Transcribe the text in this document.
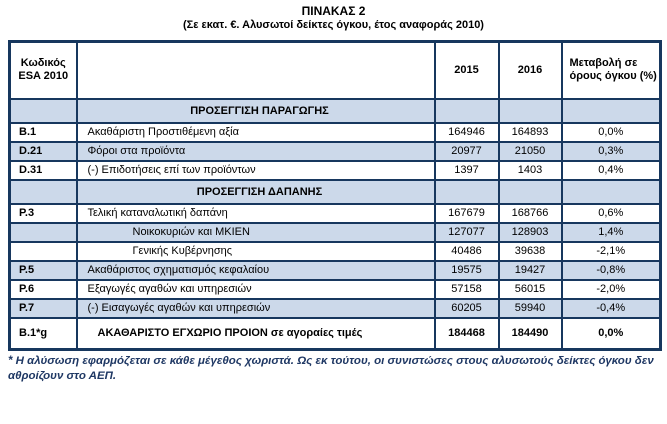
ΠΙΝΑΚΑΣ 2
(Σε εκατ. €. Αλυσωτοί δείκτες όγκου, έτος αναφοράς 2010)
Κωδικός ESA 2010		2015	2016	Μεταβολή σε όρους όγκου (%)
	ΠΡΟΣΕΓΓΙΣΗ ΠΑΡΑΓΩΓΗΣ			
B.1	Ακαθάριστη Προστιθέμενη αξία	164946	164893	0,0%
D.21	Φόροι στα προϊόντα	20977	21050	0,3%
D.31	(-) Επιδοτήσεις επί των προϊόντων	1397	1403	0,4%
	ΠΡΟΣΕΓΓΙΣΗ ΔΑΠΑΝΗΣ			
P.3	Τελική καταναλωτική δαπάνη	167679	168766	0,6%
	Νοικοκυριών και ΜΚΙΕΝ	127077	128903	1,4%
	Γενικής Κυβέρνησης	40486	39638	-2,1%
P.5	Ακαθάριστος σχηματισμός κεφαλαίου	19575	19427	-0,8%
P.6	Εξαγωγές αγαθών και υπηρεσιών	57158	56015	-2,0%
P.7	(-) Εισαγωγές αγαθών και υπηρεσιών	60205	59940	-0,4%
B.1*g	ΑΚΑΘΑΡΙΣΤΟ ΕΓΧΩΡΙΟ ΠΡΟΙΟΝ σε αγοραίες τιμές	184468	184490	0,0%
* Η αλύσωση εφαρμόζεται σε κάθε μέγεθος χωριστά. Ως εκ τούτου, οι συνιστώσες στους αλυσωτούς δείκτες όγκου δεν αθροίζουν στο ΑΕΠ.
